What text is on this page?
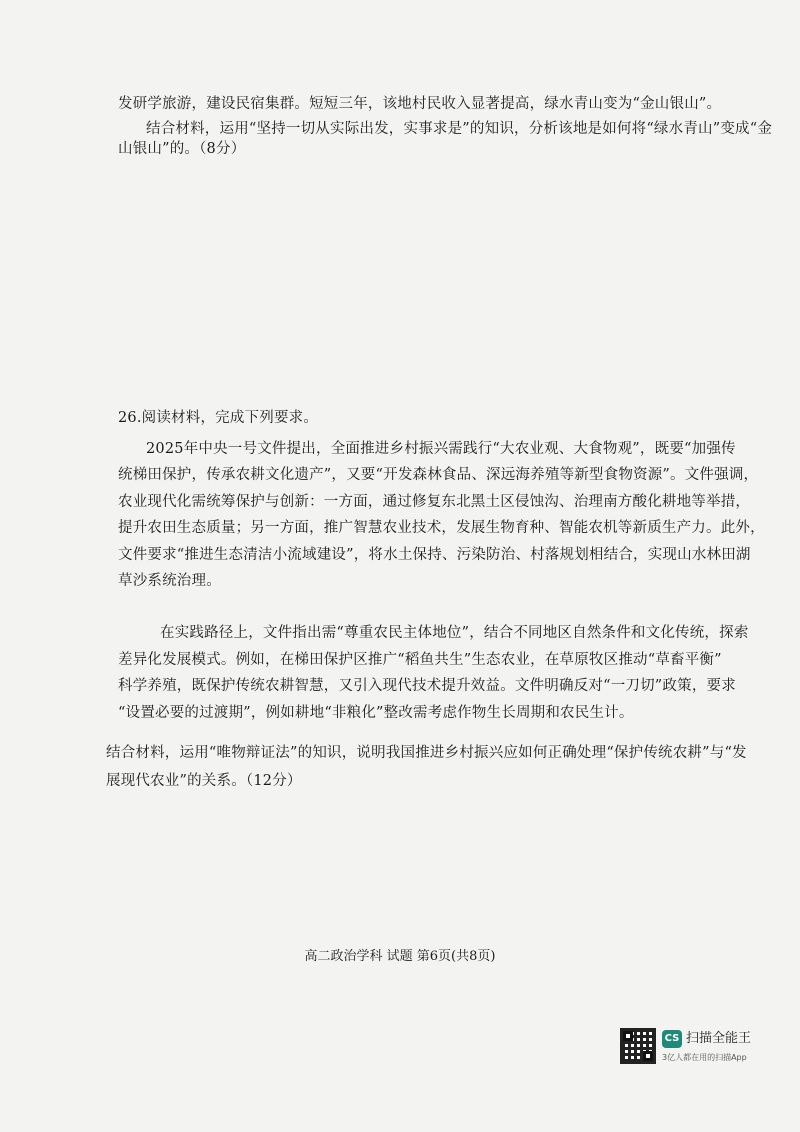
发研学旅游，建设民宿集群。短短三年，该地村民收入显著提高，绿水青山变为“金山银山”。
结合材料，运用“坚持一切从实际出发，实事求是”的知识，分析该地是如何将“绿水青山”变成“金
山银山”的。（8分）
26.阅读材料，完成下列要求。
2025年中央一号文件提出，全面推进乡村振兴需践行“大农业观、大食物观”，既要“加强传
统梯田保护，传承农耕文化遗产”，又要“开发森林食品、深远海养殖等新型食物资源”。文件强调，
农业现代化需统筹保护与创新：一方面，通过修复东北黑土区侵蚀沟、治理南方酸化耕地等举措，
提升农田生态质量；另一方面，推广智慧农业技术，发展生物育种、智能农机等新质生产力。此外，
文件要求“推进生态清洁小流域建设”，将水土保持、污染防治、村落规划相结合，实现山水林田湖
草沙系统治理。
在实践路径上，文件指出需“尊重农民主体地位”，结合不同地区自然条件和文化传统，探索
差异化发展模式。例如，在梯田保护区推广“稻鱼共生”生态农业，在草原牧区推动“草畜平衡”
科学养殖，既保护传统农耕智慧，又引入现代技术提升效益。文件明确反对“一刀切”政策，要求
“设置必要的过渡期”，例如耕地“非粮化”整改需考虑作物生长周期和农民生计。
结合材料，运用“唯物辩证法”的知识，说明我国推进乡村振兴应如何正确处理“保护传统农耕”与“发
展现代农业”的关系。（12分）
高二政治学科 试题 第6页(共8页)
CS 扫描全能王
3亿人都在用的扫描App
